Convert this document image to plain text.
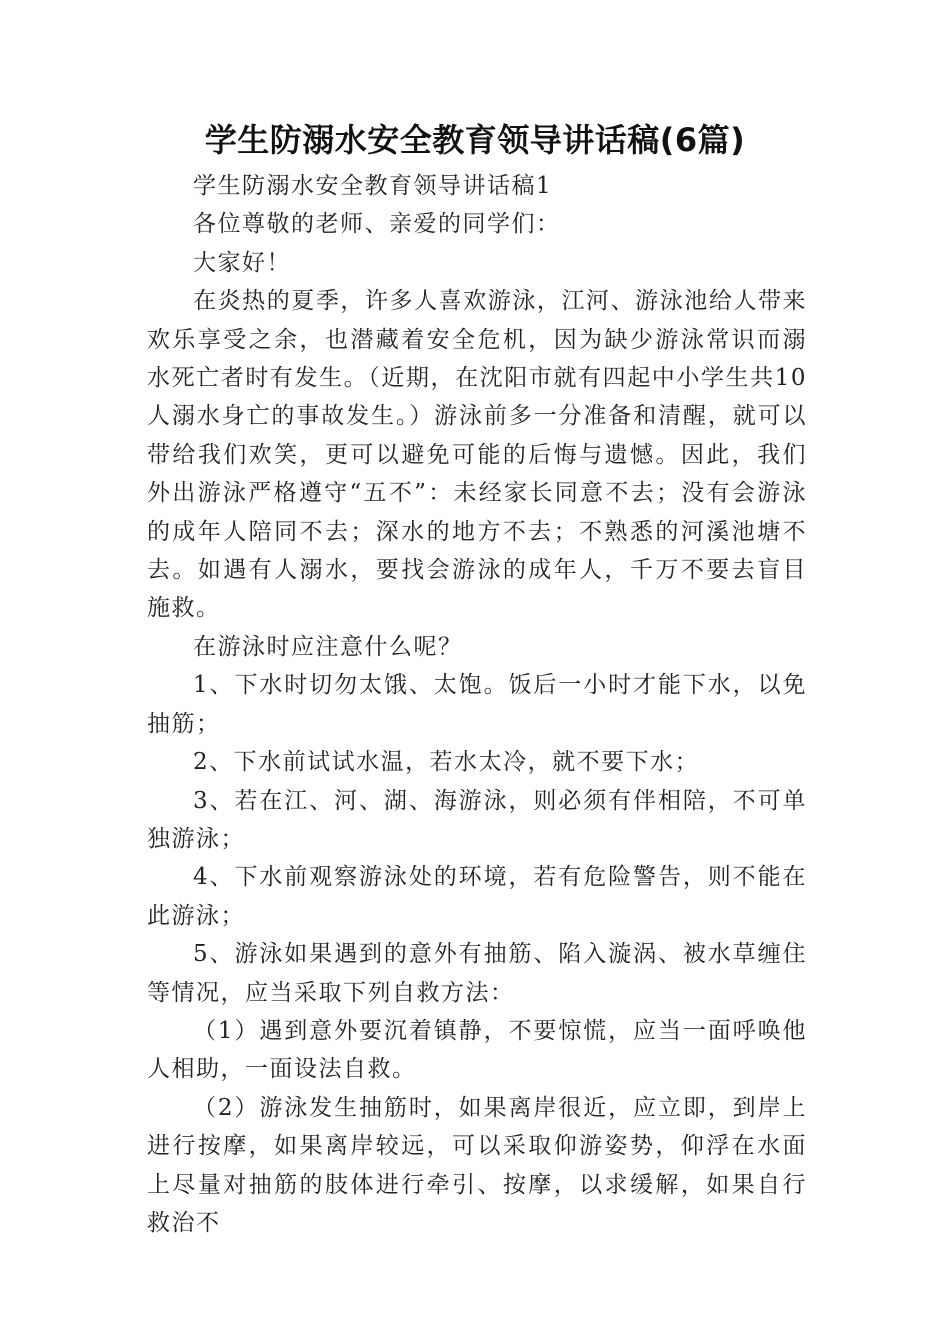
学生防溺水安全教育领导讲话稿(6篇)

学生防溺水安全教育领导讲话稿1

各位尊敬的老师、亲爱的同学们：

大家好！

在炎热的夏季，许多人喜欢游泳，江河、游泳池给人带来欢乐享受之余，也潜藏着安全危机，因为缺少游泳常识而溺水死亡者时有发生。（近期，在沈阳市就有四起中小学生共10人溺水身亡的事故发生。）游泳前多一分准备和清醒，就可以带给我们欢笑，更可以避免可能的后悔与遗憾。因此，我们外出游泳严格遵守“五不”：未经家长同意不去；没有会游泳的成年人陪同不去；深水的地方不去；不熟悉的河溪池塘不去。如遇有人溺水，要找会游泳的成年人，千万不要去盲目施救。

在游泳时应注意什么呢？

1、下水时切勿太饿、太饱。饭后一小时才能下水，以免抽筋；

2、下水前试试水温，若水太冷，就不要下水；

3、若在江、河、湖、海游泳，则必须有伴相陪，不可单独游泳；

4、下水前观察游泳处的环境，若有危险警告，则不能在此游泳；

5、游泳如果遇到的意外有抽筋、陷入漩涡、被水草缠住等情况，应当采取下列自救方法：

（1）遇到意外要沉着镇静，不要惊慌，应当一面呼唤他人相助，一面设法自救。

（2）游泳发生抽筋时，如果离岸很近，应立即，到岸上进行按摩，如果离岸较远，可以采取仰游姿势，仰浮在水面上尽量对抽筋的肢体进行牵引、按摩，以求缓解，如果自行救治不
